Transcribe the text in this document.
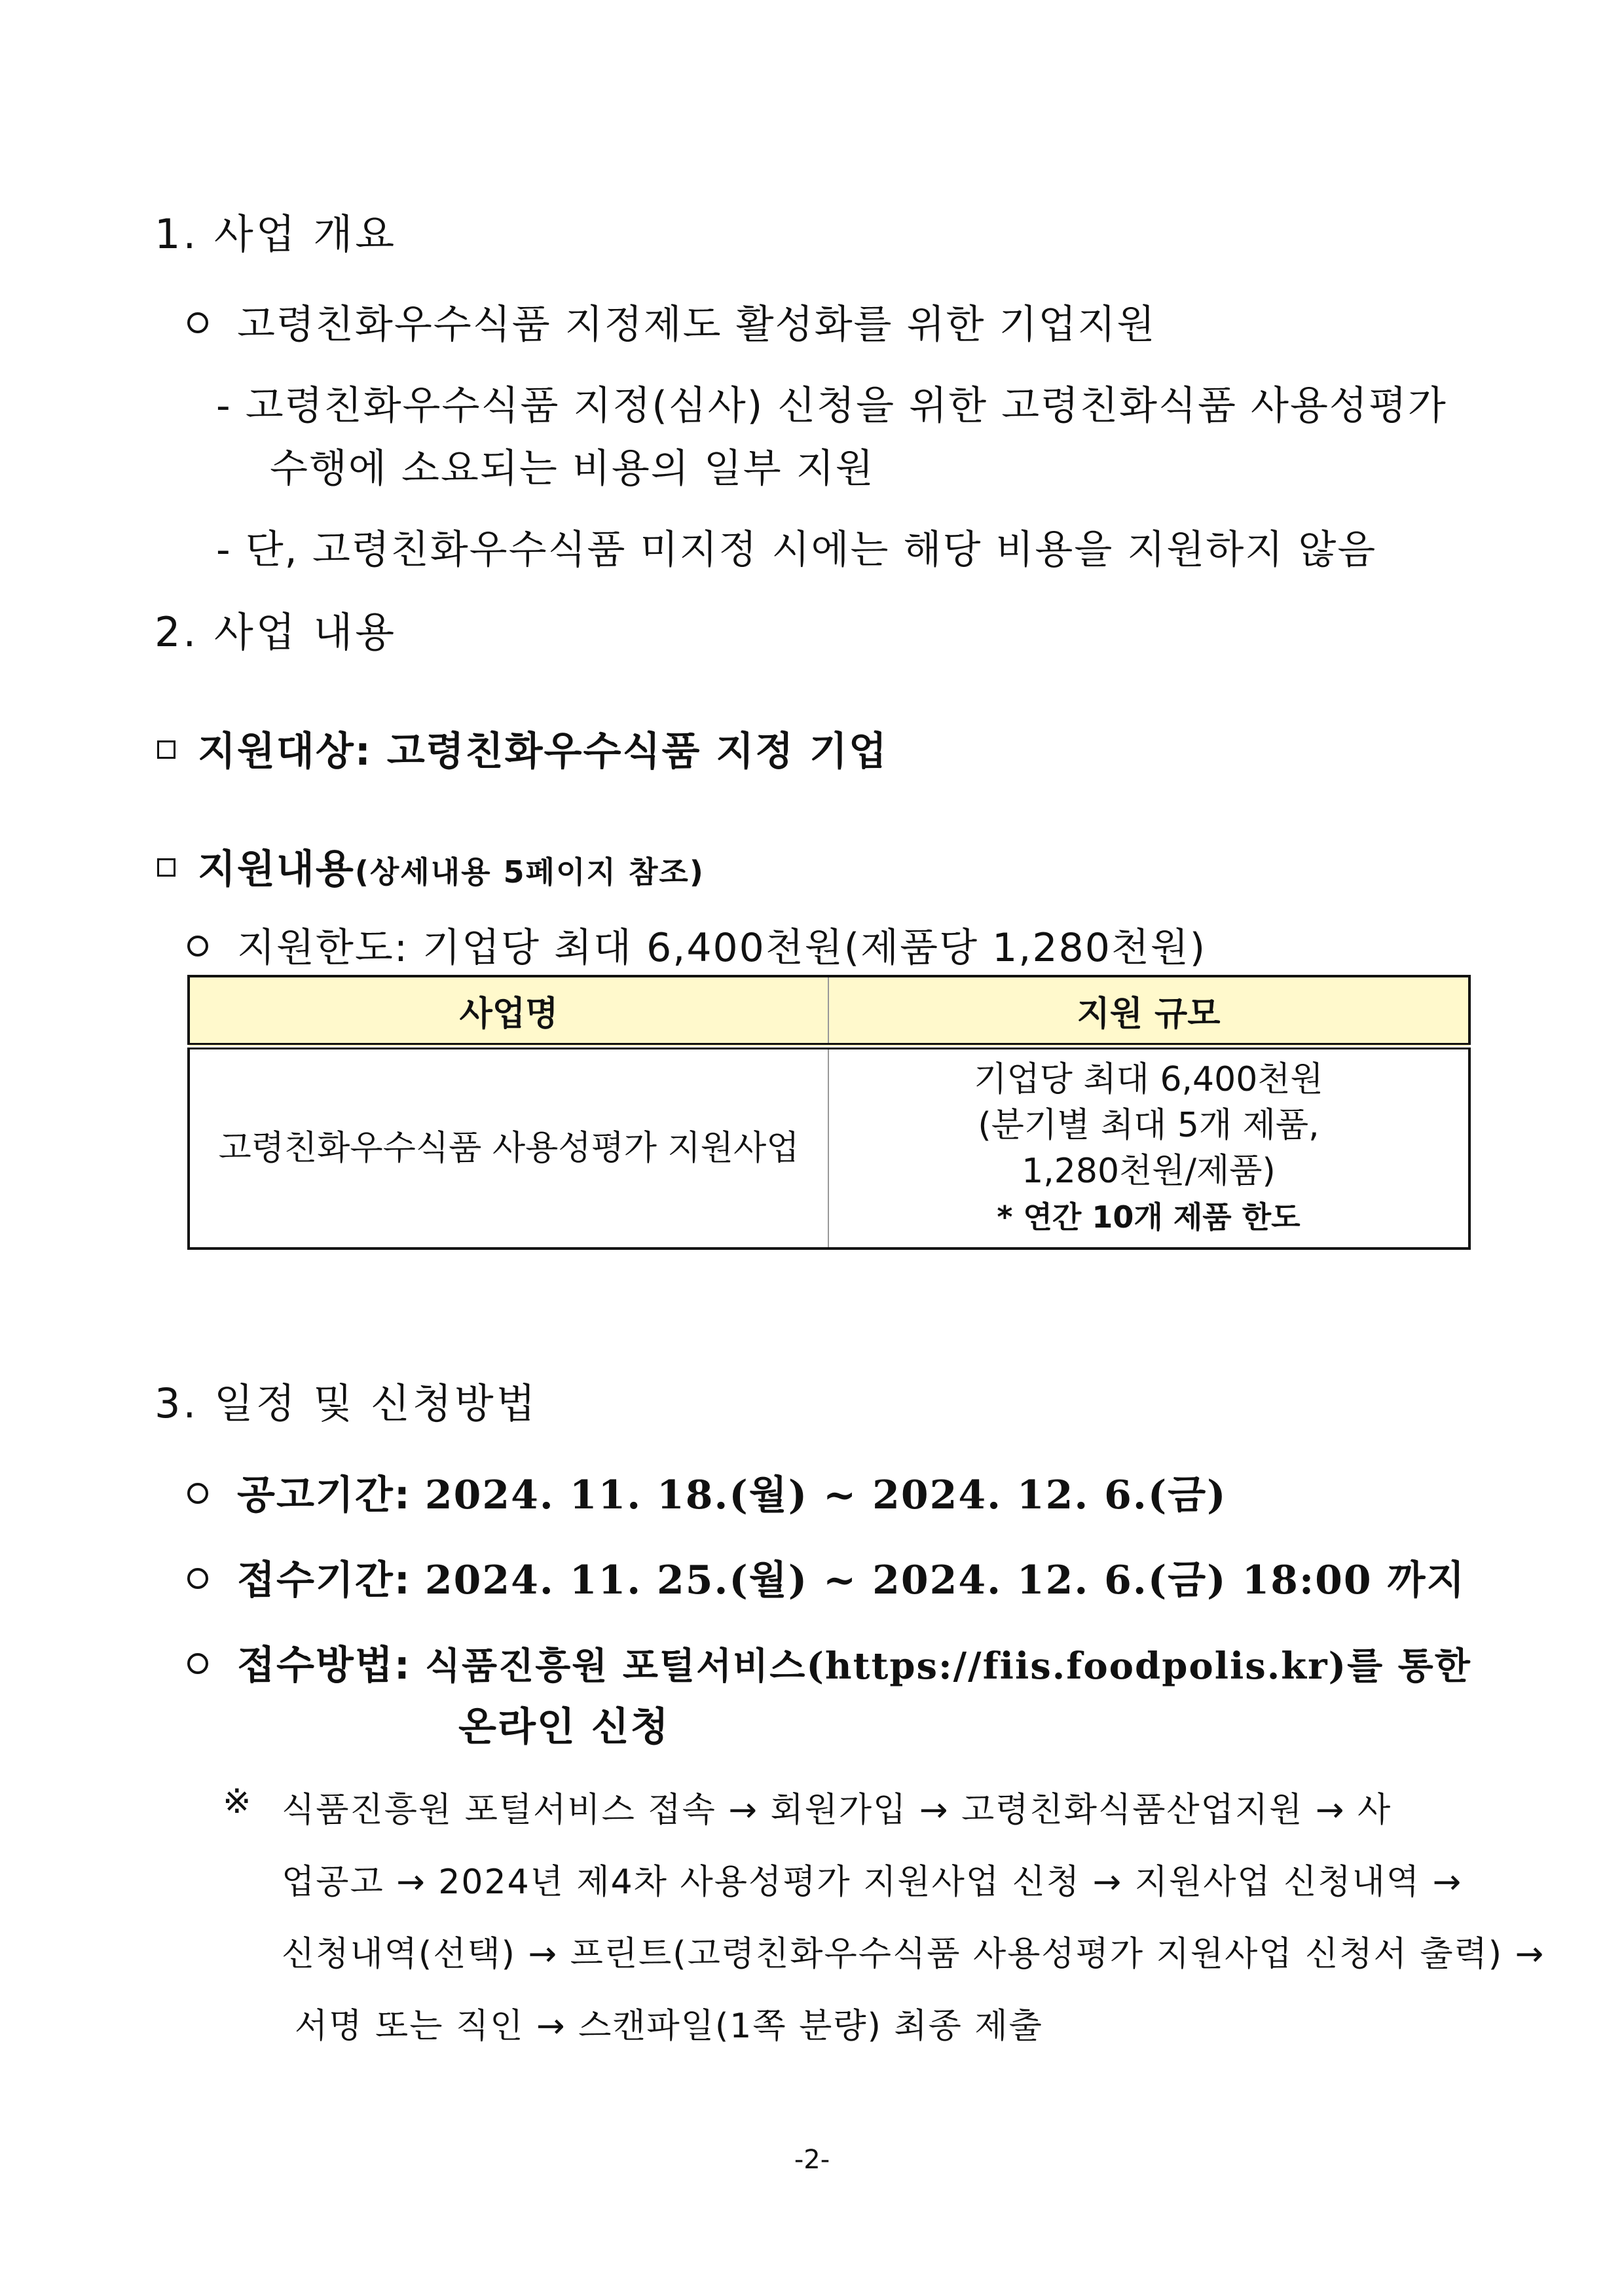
1. 사업 개요
고령친화우수식품 지정제도 활성화를 위한 기업지원
- 고령친화우수식품 지정(심사) 신청을 위한 고령친화식품 사용성평가
수행에 소요되는 비용의 일부 지원
- 단, 고령친화우수식품 미지정 시에는 해당 비용을 지원하지 않음
2. 사업 내용
지원대상: 고령친화우수식품 지정 기업
지원내용(상세내용 5페이지 참조)
지원한도: 기업당 최대 6,400천원(제품당 1,280천원)
사업명	지원 규모
고령친화우수식품 사용성평가 지원사업	기업당 최대 6,400천원
(분기별 최대 5개 제품,
1,280천원/제품)
* 연간 10개 제품 한도
3. 일정 및 신청방법
공고기간: 2024. 11. 18.(월) ~ 2024. 12. 6.(금)
접수기간: 2024. 11. 25.(월) ~ 2024. 12. 6.(금) 18:00 까지
접수방법: 식품진흥원 포털서비스(https://fiis.foodpolis.kr)를 통한
온라인 신청
※ 식품진흥원 포털서비스 접속 → 회원가입 → 고령친화식품산업지원 → 사
업공고 → 2024년 제4차 사용성평가 지원사업 신청 → 지원사업 신청내역 →
신청내역(선택) → 프린트(고령친화우수식품 사용성평가 지원사업 신청서 출력) →
서명 또는 직인 → 스캔파일(1쪽 분량) 최종 제출
-2-
